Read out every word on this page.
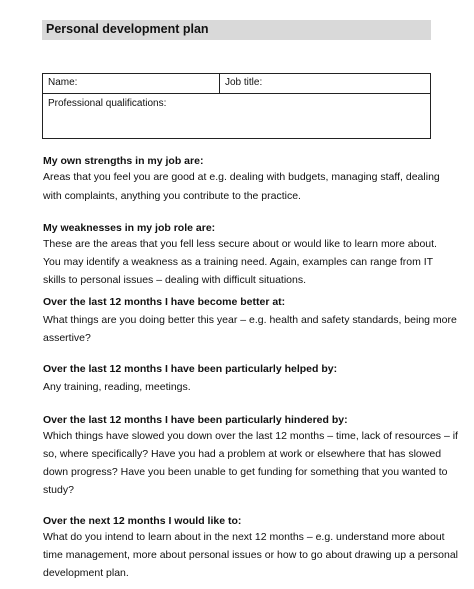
Personal development plan
Name:	Job title:
Professional qualifications:
My own strengths in my job are:
Areas that you feel you are good at e.g. dealing with budgets, managing staff, dealing
with complaints, anything you contribute to the practice.
My weaknesses in my job role are:
These are the areas that you fell less secure about or would like to learn more about.
You may identify a weakness as a training need. Again, examples can range from IT
skills to personal issues – dealing with difficult situations.
Over the last 12 months I have become better at:
What things are you doing better this year – e.g. health and safety standards, being more
assertive?
Over the last 12 months I have been particularly helped by:
Any training, reading, meetings.
Over the last 12 months I have been particularly hindered by:
Which things have slowed you down over the last 12 months – time, lack of resources – if
so, where specifically? Have you had a problem at work or elsewhere that has slowed
down progress? Have you been unable to get funding for something that you wanted to
study?
Over the next 12 months I would like to:
What do you intend to learn about in the next 12 months – e.g. understand more about
time management, more about personal issues or how to go about drawing up a personal
development plan.
